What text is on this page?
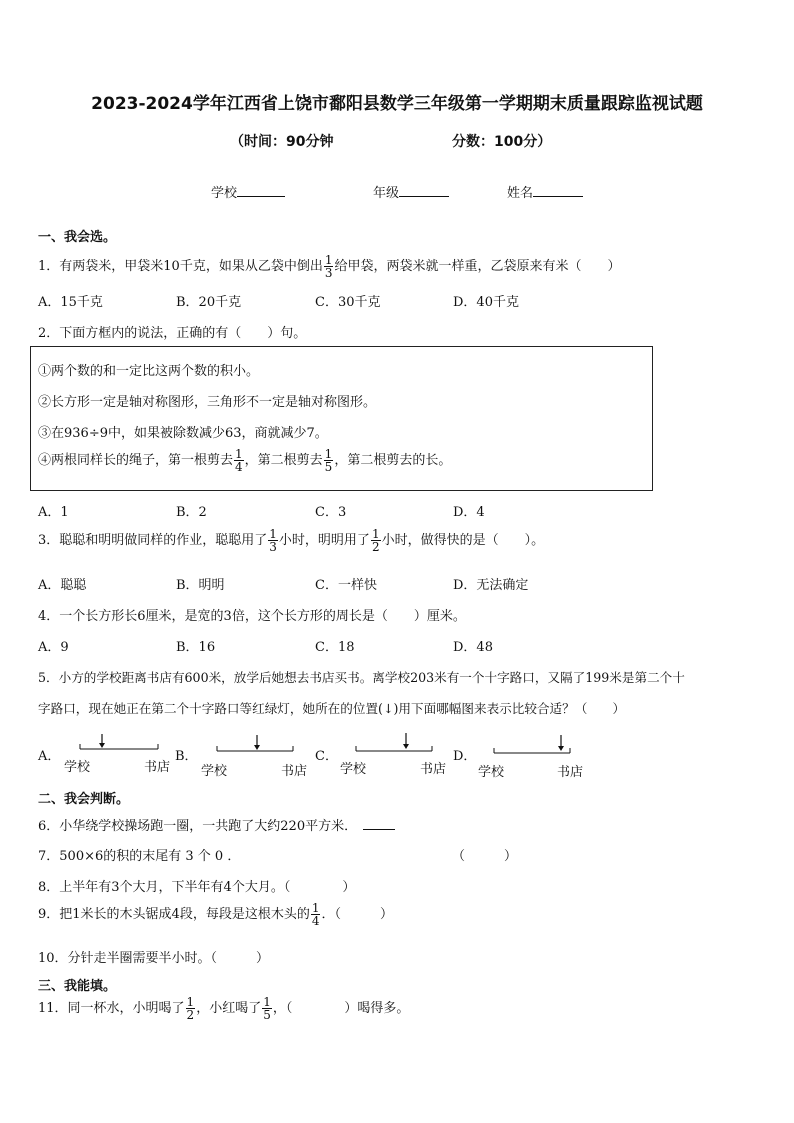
2023-2024学年江西省上饶市鄱阳县数学三年级第一学期期末质量跟踪监视试题
（时间：90分钟	分数：100分）
学校	年级	姓名
一、我会选。
1．有两袋米，甲袋米10千克，如果从乙袋中倒出 $\frac{1}{3}$ 给甲袋，两袋米就一样重，乙袋原来有米（　　）
A．15千克	B．20千克	C．30千克	D．40千克
2．下面方框内的说法，正确的有（　　）句。
①两个数的和一定比这两个数的积小。
②长方形一定是轴对称图形，三角形不一定是轴对称图形。
③在936÷9中，如果被除数减少63，商就减少7。
④两根同样长的绳子，第一根剪去 $\frac{1}{4}$ ，第二根剪去 $\frac{1}{5}$ ，第二根剪去的长。
A．1	B．2	C．3	D．4
3．聪聪和明明做同样的作业，聪聪用了 $\frac{1}{3}$ 小时，明明用了 $\frac{1}{2}$ 小时，做得快的是（　　）。
A．聪聪	B．明明	C．一样快	D．无法确定
4．一个长方形长6厘米，是宽的3倍，这个长方形的周长是（　　）厘米。
A．9	B．16	C．18	D．48
5．小方的学校距离书店有600米，放学后她想去书店买书。离学校203米有一个十字路口，又隔了199米是第二个十
字路口，现在她正在第二个十字路口等红绿灯，她所在的位置(↓)用下面哪幅图来表示比较合适？（　　）
A．
学校	书店
B．
学校	书店
C．
学校	书店
D．
学校	书店
二、我会判断。
6．小华绕学校操场跑一圈，一共跑了大约220平方米．
7．500×6的积的末尾有 3 个 0 ．	（　　　）
8．上半年有3个大月，下半年有4个大月。（　　　　）
9．把1米长的木头锯成4段，每段是这根木头的 $\frac{1}{4}$ ．（　　　）
10．分针走半圈需要半小时。（　　　）
三、我能填。
11．同一杯水，小明喝了 $\frac{1}{2}$ ，小红喝了 $\frac{1}{5}$ ，（　　　　）喝得多。
